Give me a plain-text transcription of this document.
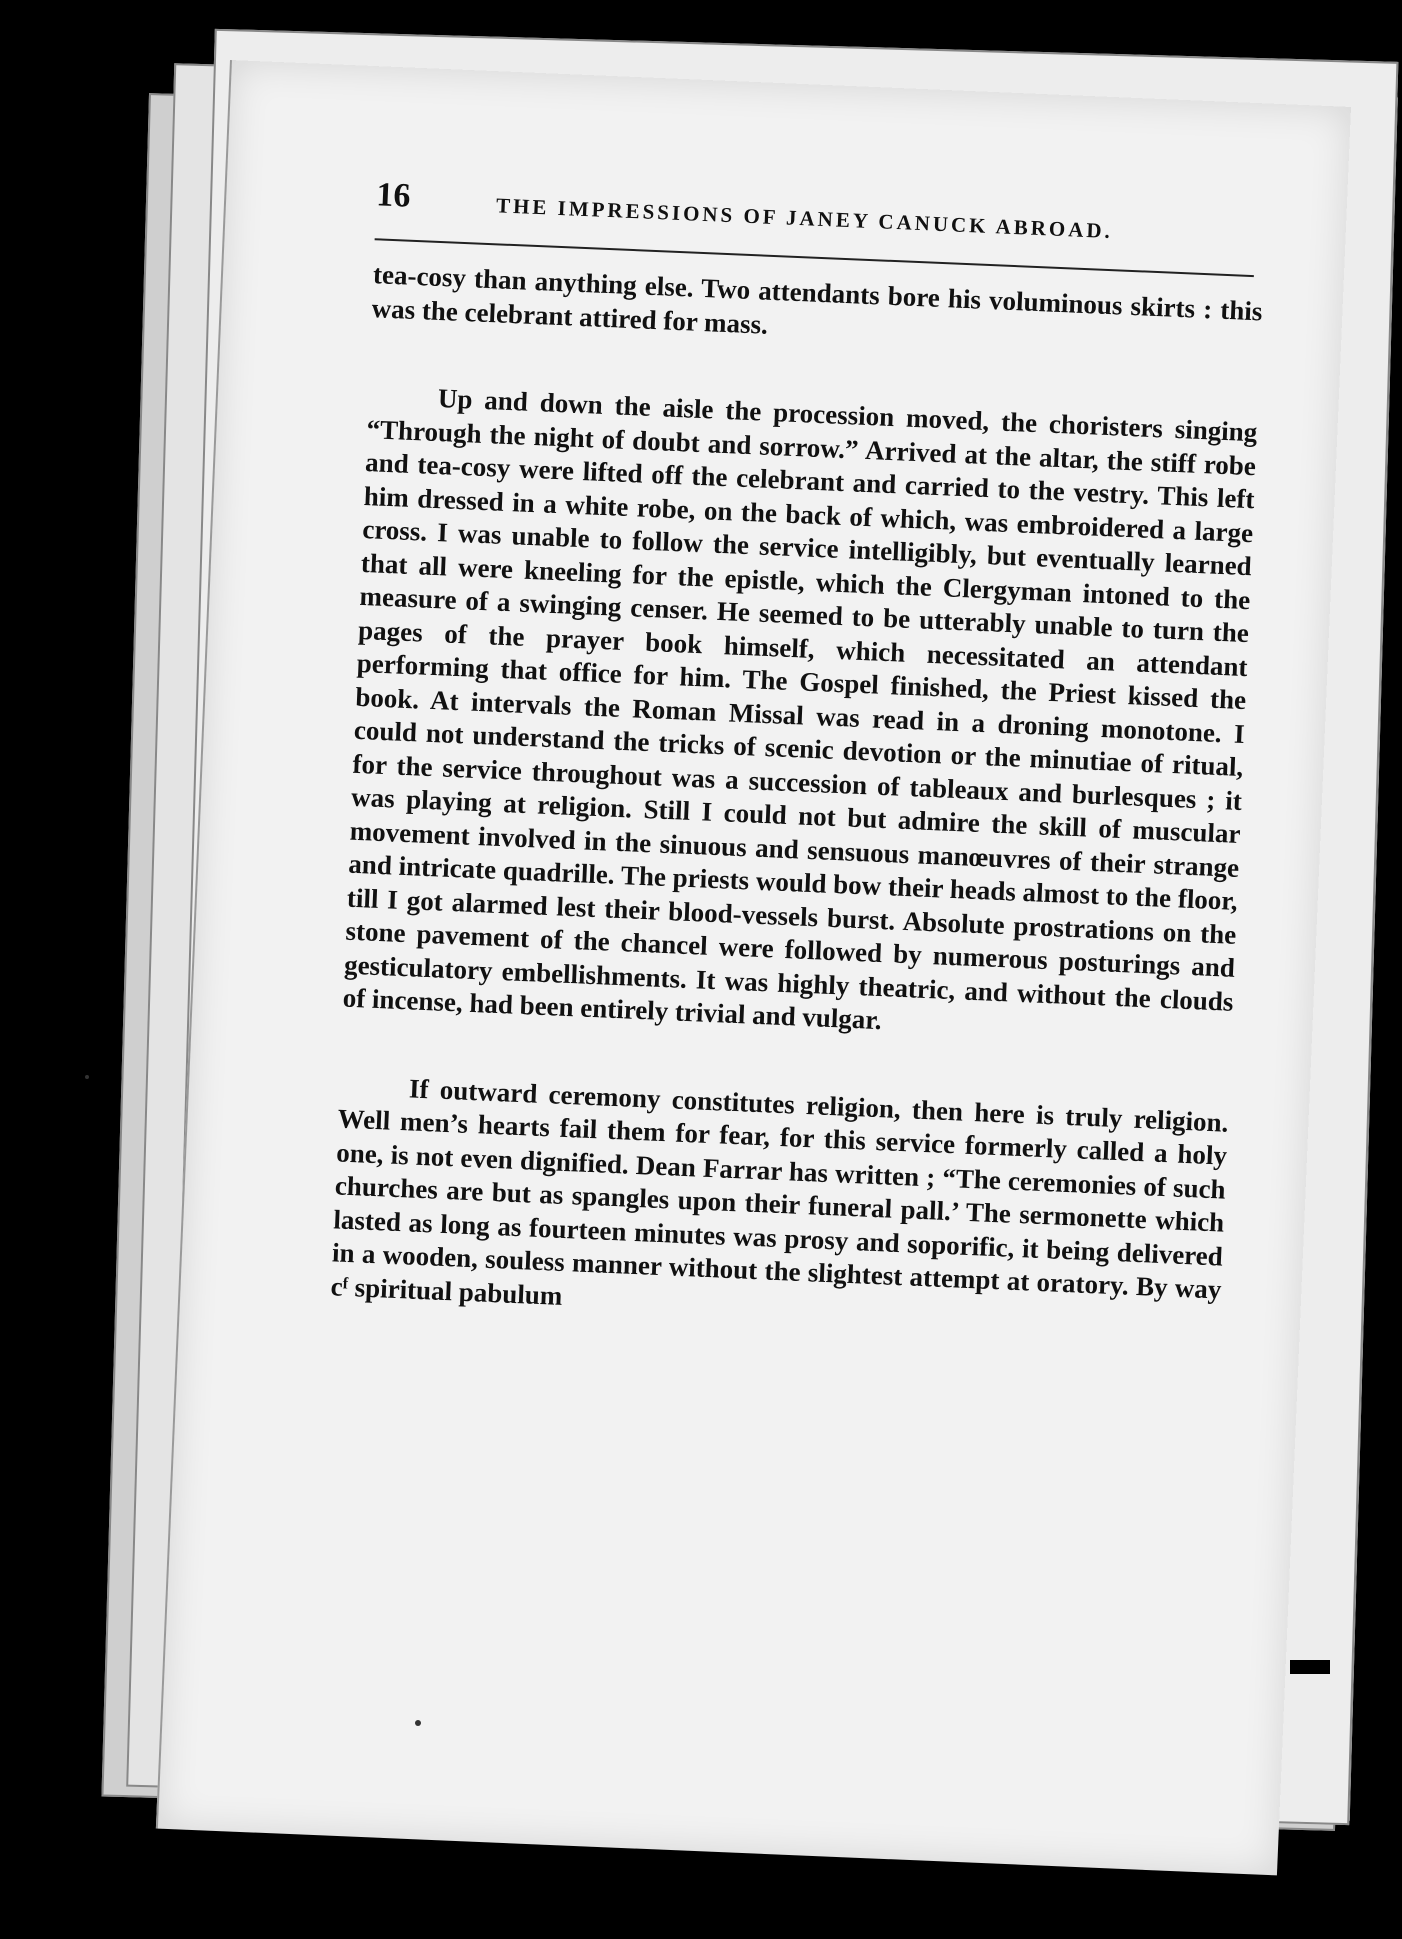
16	THE IMPRESSIONS OF JANEY CANUCK ABROAD.

tea-cosy than anything else. Two attendants bore his voluminous skirts : this was the celebrant attired for mass.

Up and down the aisle the procession moved, the choristers singing “Through the night of doubt and sorrow.” Arrived at the altar, the stiff robe and tea-cosy were lifted off the celebrant and carried to the vestry. This left him dressed in a white robe, on the back of which, was embroidered a large cross. I was unable to follow the service intelligibly, but eventually learned that all were kneeling for the epistle, which the Clergyman intoned to the measure of a swinging censer. He seemed to be utterably unable to turn the pages of the prayer book himself, which necessitated an attendant performing that office for him. The Gospel finished, the Priest kissed the book. At intervals the Roman Missal was read in a droning monotone. I could not understand the tricks of scenic devotion or the minutiae of ritual, for the service throughout was a succession of tableaux and burlesques ; it was playing at religion. Still I could not but admire the skill of muscular movement involved in the sinuous and sensuous manœuvres of their strange and intricate quadrille. The priests would bow their heads almost to the floor, till I got alarmed lest their blood-vessels burst. Absolute prostrations on the stone pavement of the chancel were followed by numerous posturings and gesticulatory embellishments. It was highly theatric, and without the clouds of incense, had been entirely trivial and vulgar.

If outward ceremony constitutes religion, then here is truly religion. Well men’s hearts fail them for fear, for this service formerly called a holy one, is not even dignified. Dean Farrar has written ; “The ceremonies of such churches are but as spangles upon their funeral pall.’ The sermonette which lasted as long as fourteen minutes was prosy and soporific, it being delivered in a wooden, souless manner without the slightest attempt at oratory. By way cᶠ spiritual pabulum
